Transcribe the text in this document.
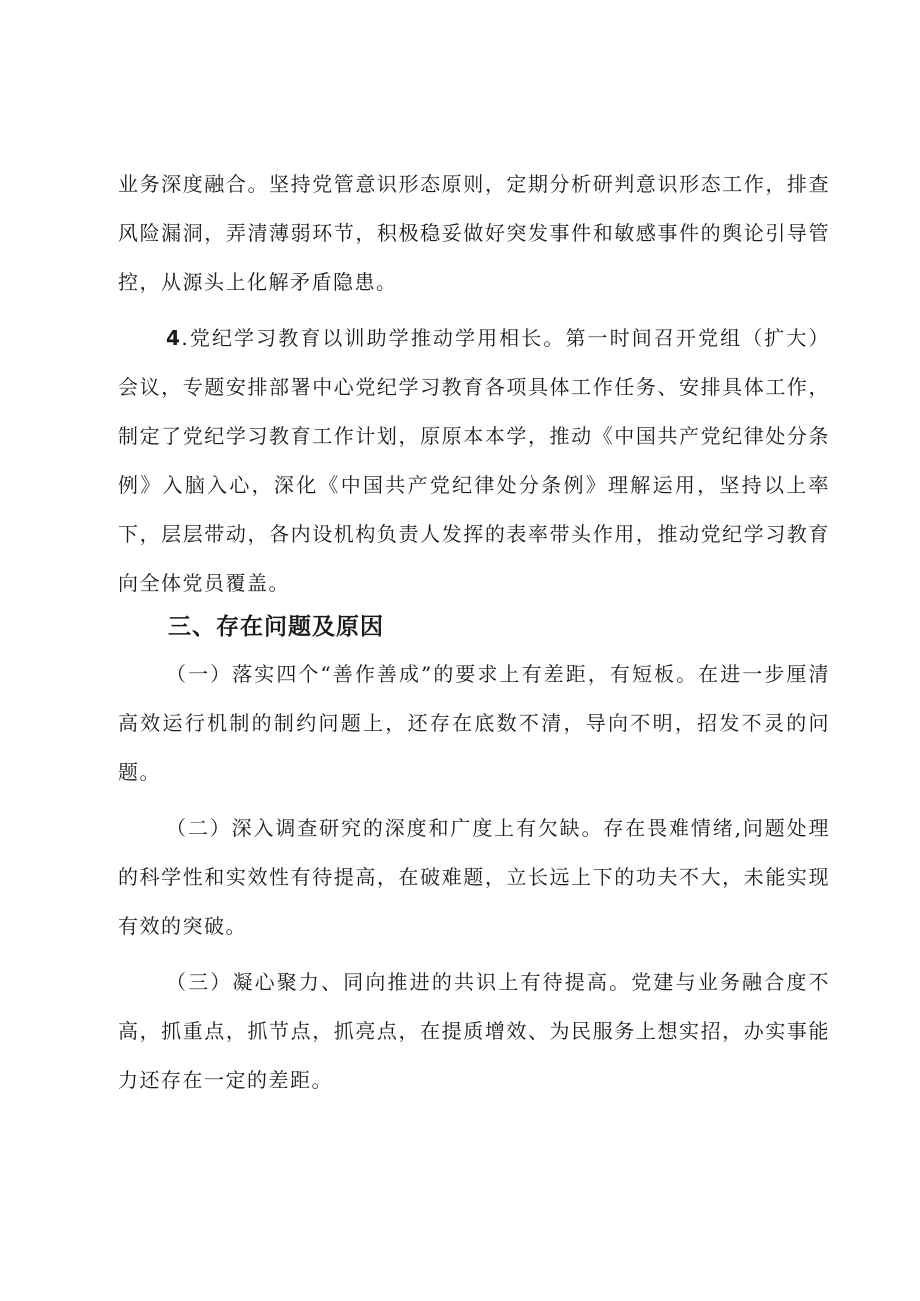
业务深度融合。坚持党管意识形态原则，定期分析研判意识形态工作，排查风险漏洞，弄清薄弱环节，积极稳妥做好突发事件和敏感事件的舆论引导管控，从源头上化解矛盾隐患。

4.党纪学习教育以训助学推动学用相长。第一时间召开党组（扩大）会议，专题安排部署中心党纪学习教育各项具体工作任务、安排具体工作，制定了党纪学习教育工作计划，原原本本学，推动《中国共产党纪律处分条例》入脑入心，深化《中国共产党纪律处分条例》理解运用，坚持以上率下，层层带动，各内设机构负责人发挥的表率带头作用，推动党纪学习教育向全体党员覆盖。

三、存在问题及原因

（一）落实四个“善作善成”的要求上有差距，有短板。在进一步厘清高效运行机制的制约问题上，还存在底数不清，导向不明，招发不灵的问题。

（二）深入调查研究的深度和广度上有欠缺。存在畏难情绪,问题处理的科学性和实效性有待提高，在破难题，立长远上下的功夫不大，未能实现有效的突破。

（三）凝心聚力、同向推进的共识上有待提高。党建与业务融合度不高，抓重点，抓节点，抓亮点，在提质增效、为民服务上想实招，办实事能力还存在一定的差距。
